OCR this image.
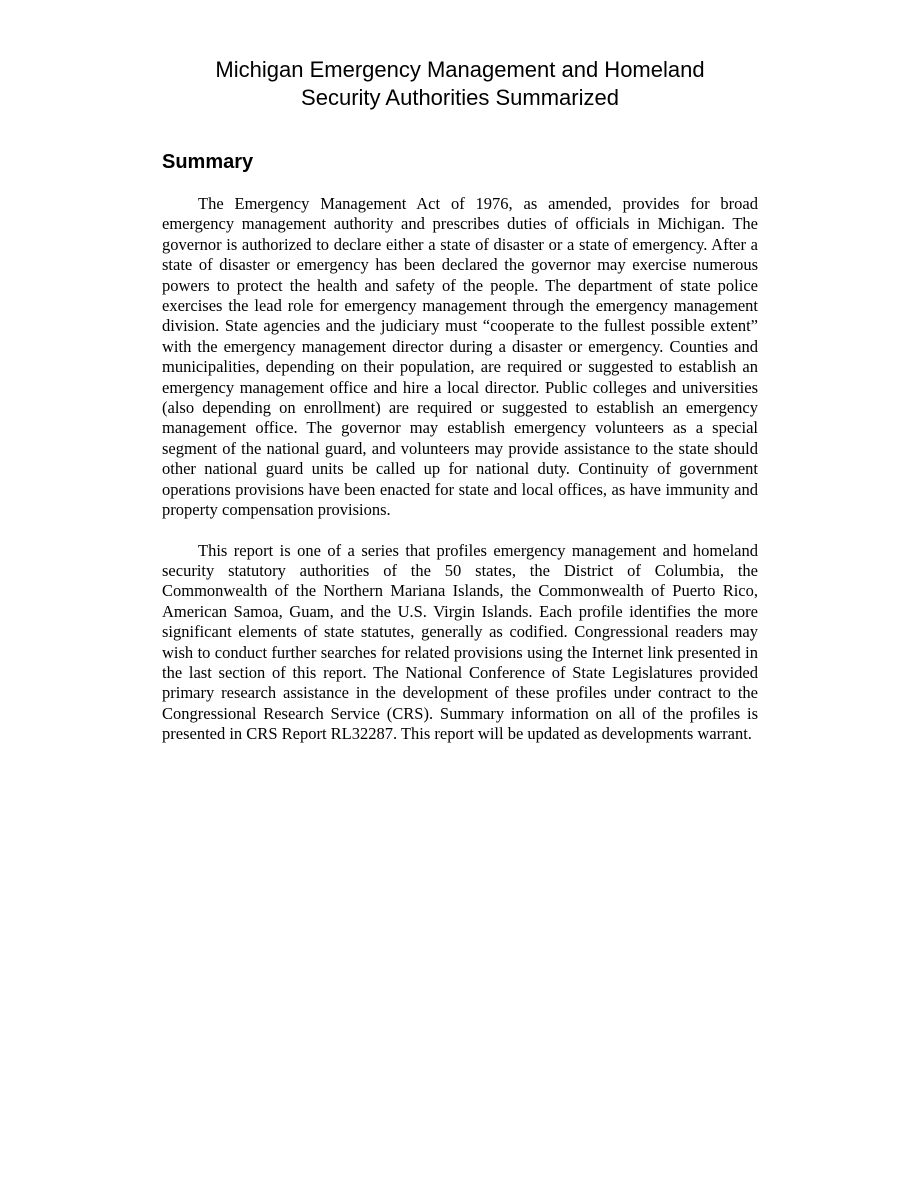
Michigan Emergency Management and Homeland
Security Authorities Summarized
Summary

The Emergency Management Act of 1976, as amended, provides for broad emergency management authority and prescribes duties of officials in Michigan. The governor is authorized to declare either a state of disaster or a state of emergency. After a state of disaster or emergency has been declared the governor may exercise numerous powers to protect the health and safety of the people. The department of state police exercises the lead role for emergency management through the emergency management division. State agencies and the judiciary must “cooperate to the fullest possible extent” with the emergency management director during a disaster or emergency. Counties and municipalities, depending on their population, are required or suggested to establish an emergency management office and hire a local director. Public colleges and universities (also depending on enrollment) are required or suggested to establish an emergency management office. The governor may establish emergency volunteers as a special segment of the national guard, and volunteers may provide assistance to the state should other national guard units be called up for national duty. Continuity of government operations provisions have been enacted for state and local offices, as have immunity and property compensation provisions.

This report is one of a series that profiles emergency management and homeland security statutory authorities of the 50 states, the District of Columbia, the Commonwealth of the Northern Mariana Islands, the Commonwealth of Puerto Rico, American Samoa, Guam, and the U.S. Virgin Islands. Each profile identifies the more significant elements of state statutes, generally as codified. Congressional readers may wish to conduct further searches for related provisions using the Internet link presented in the last section of this report. The National Conference of State Legislatures provided primary research assistance in the development of these profiles under contract to the Congressional Research Service (CRS). Summary information on all of the profiles is presented in CRS Report RL32287. This report will be updated as developments warrant.
